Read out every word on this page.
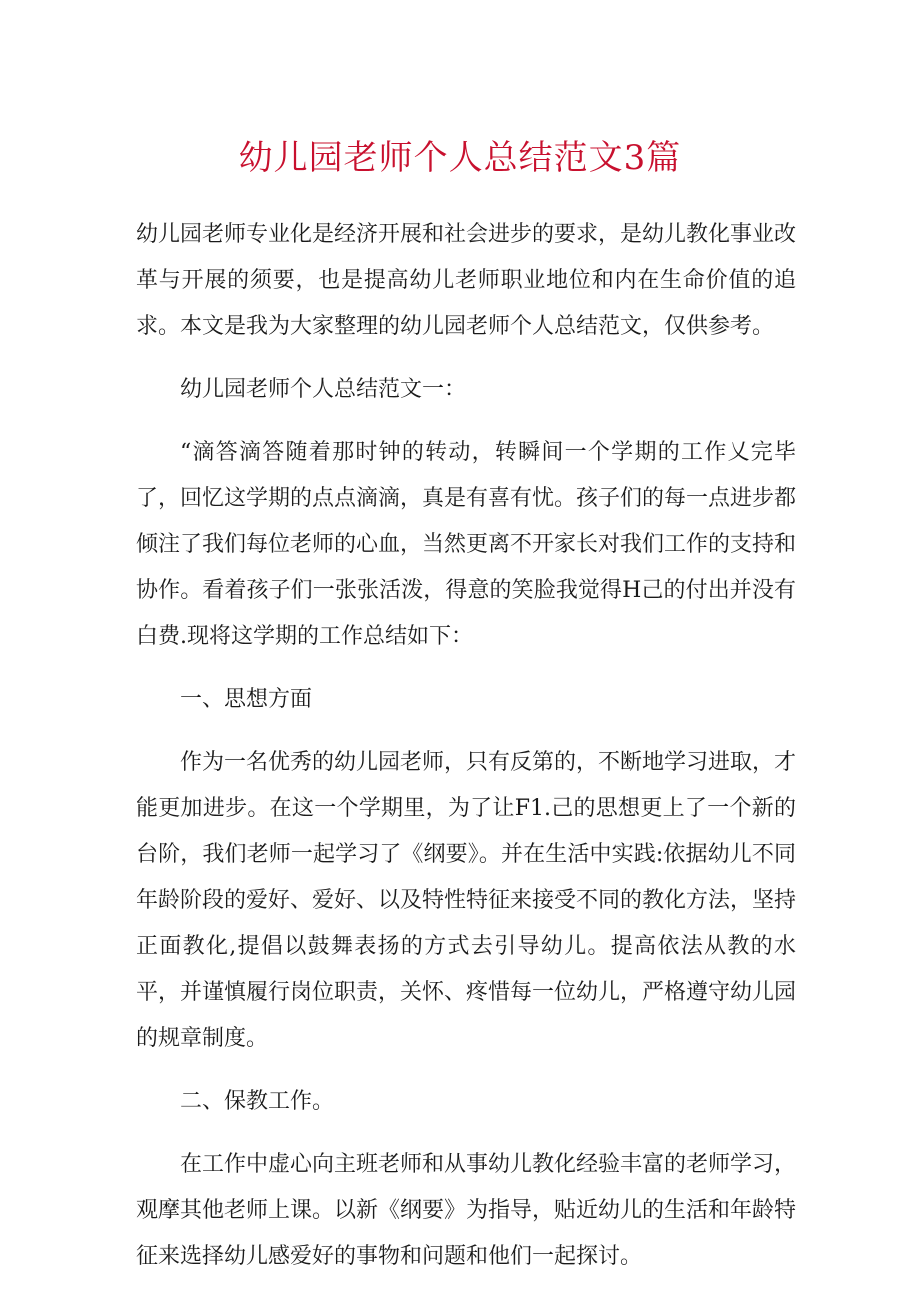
幼儿园老师个人总结范文3篇

幼儿园老师专业化是经济开展和社会进步的要求，是幼儿教化事业改革与开展的须要，也是提高幼儿老师职业地位和内在生命价值的追求。本文是我为大家整理的幼儿园老师个人总结范文，仅供参考。

幼儿园老师个人总结范文一：

“滴答滴答随着那时钟的转动，转瞬间一个学期的工作乂完毕了，回忆这学期的点点滴滴，真是有喜有忧。孩子们的每一点进步都倾注了我们每位老师的心血，当然更离不开家长对我们工作的支持和协作。看着孩子们一张张活泼，得意的笑脸我觉得H己的付出并没有白费.现将这学期的工作总结如下：

一、思想方面

作为一名优秀的幼儿园老师，只有反第的，不断地学习进取，才能更加进步。在这一个学期里，为了让F1.己的思想更上了一个新的台阶，我们老师一起学习了《纲要》。并在生活中实践:依据幼儿不同年龄阶段的爱好、爱好、以及特性特征来接受不同的教化方法，坚持正面教化,提倡以鼓舞表扬的方式去引导幼儿。提高依法从教的水平，并谨慎履行岗位职责，关怀、疼惜每一位幼儿，严格遵守幼儿园的规章制度。

二、保教工作。

在工作中虚心向主班老师和从事幼儿教化经验丰富的老师学习，观摩其他老师上课。以新《纲要》为指导，贴近幼儿的生活和年龄特征来选择幼儿感爱好的事物和问题和他们一起探讨。
